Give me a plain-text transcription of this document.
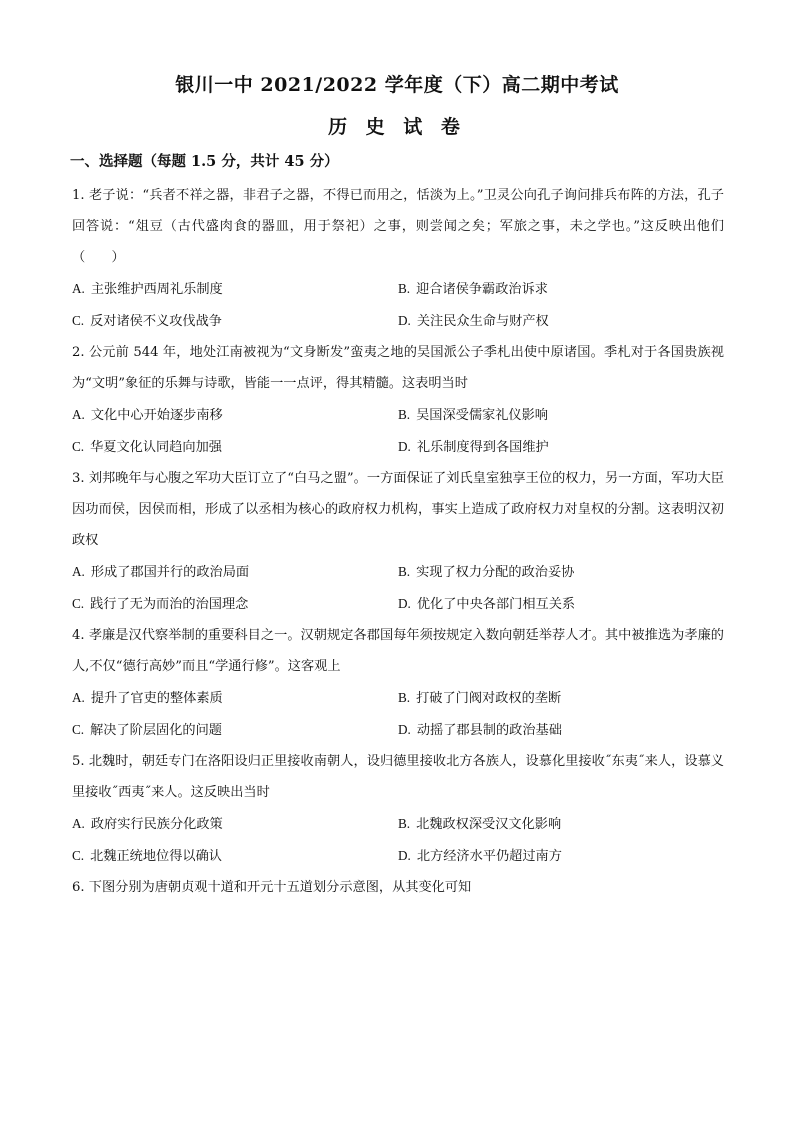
银川一中 2021/2022 学年度（下）高二期中考试
历 史 试 卷
一、选择题（每题 1.5 分，共计 45 分）

1. 老子说：“兵者不祥之器，非君子之器，不得已而用之，恬淡为上。”卫灵公向孔子询问排兵布阵的方法，孔子回答说：“俎豆（古代盛肉食的器皿，用于祭祀）之事，则尝闻之矣；军旅之事，未之学也。”这反映出他们（　　）

A. 主张维护西周礼乐制度	B. 迎合诸侯争霸政治诉求
C. 反对诸侯不义攻伐战争	D. 关注民众生命与财产权

2. 公元前 544 年，地处江南被视为“文身断发”蛮夷之地的吴国派公子季札出使中原诸国。季札对于各国贵族视为“文明”象征的乐舞与诗歌，皆能一一点评，得其精髓。这表明当时

A. 文化中心开始逐步南移	B. 吴国深受儒家礼仪影响
C. 华夏文化认同趋向加强	D. 礼乐制度得到各国维护

3. 刘邦晚年与心腹之军功大臣订立了“白马之盟”。一方面保证了刘氏皇室独享王位的权力，另一方面，军功大臣因功而侯，因侯而相，形成了以丞相为核心的政府权力机构，事实上造成了政府权力对皇权的分割。这表明汉初政权

A. 形成了郡国并行的政治局面	B. 实现了权力分配的政治妥协
C. 践行了无为而治的治国理念	D. 优化了中央各部门相互关系

4. 孝廉是汉代察举制的重要科目之一。汉朝规定各郡国每年须按规定入数向朝廷举荐人才。其中被推选为孝廉的人,不仅“德行高妙”而且“学通行修”。这客观上

A. 提升了官吏的整体素质	B. 打破了门阀对政权的垄断
C. 解决了阶层固化的问题	D. 动摇了郡县制的政治基础

5. 北魏时，朝廷专门在洛阳设归正里接收南朝人，设归德里接收北方各族人，设慕化里接收˝东夷˝来人，设慕义里接收˝西夷˝来人。这反映出当时

A. 政府实行民族分化政策	B. 北魏政权深受汉文化影响
C. 北魏正统地位得以确认	D. 北方经济水平仍超过南方

6. 下图分别为唐朝贞观十道和开元十五道划分示意图，从其变化可知
